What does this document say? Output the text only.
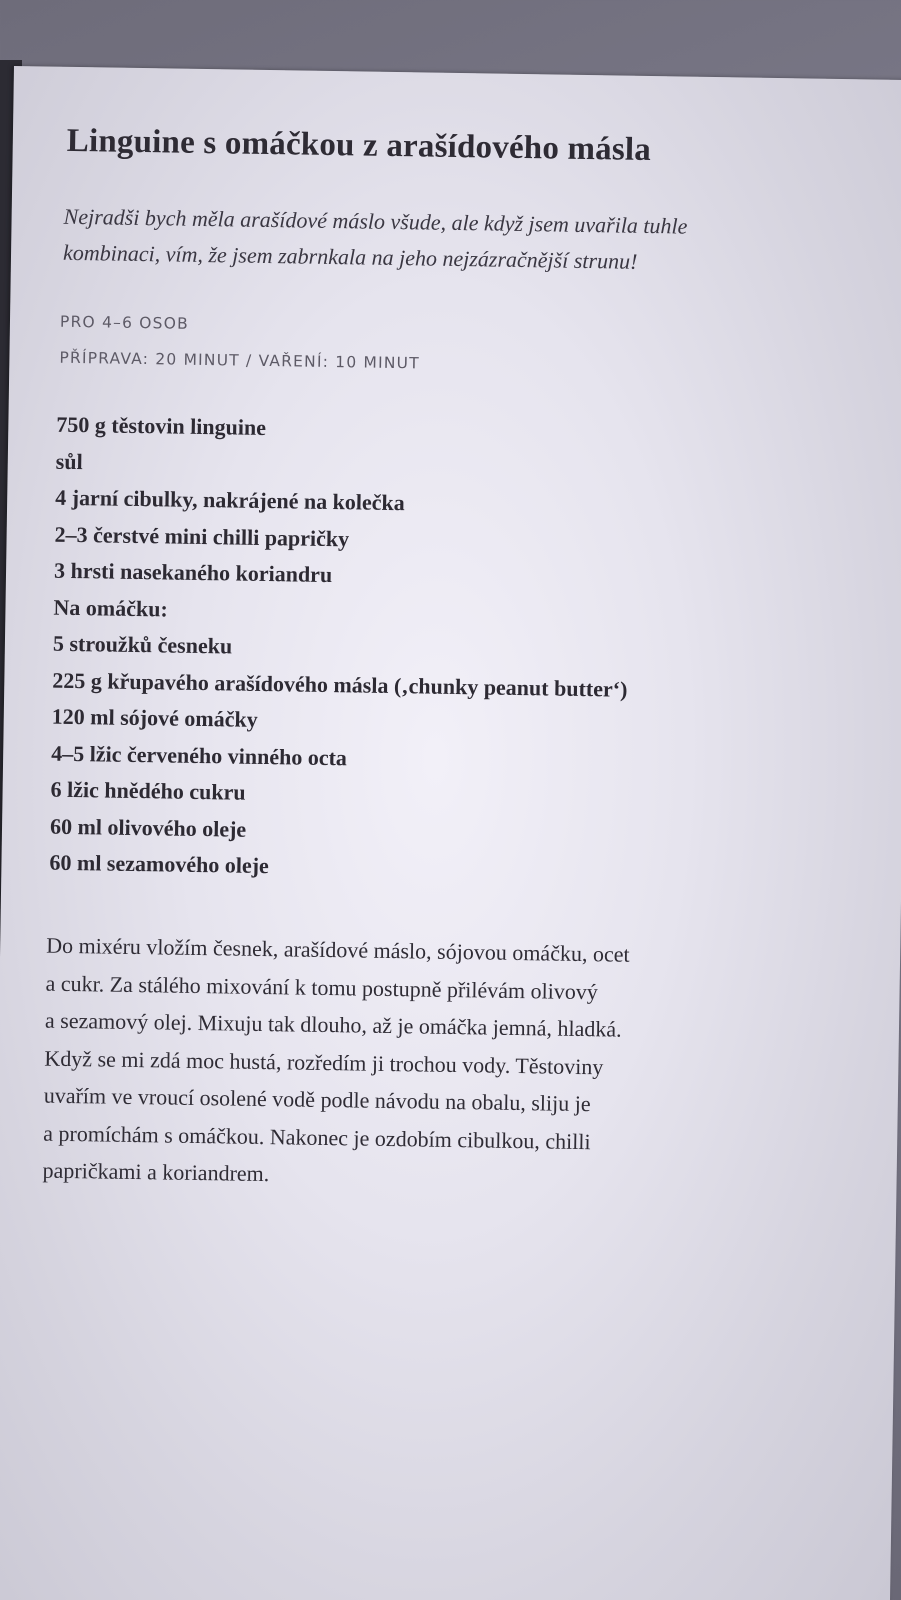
Linguine s omáčkou z arašídového másla

Nejradši bych měla arašídové máslo všude, ale když jsem uvařila tuhle
kombinaci, vím, že jsem zabrnkala na jeho nejzázračnější strunu!

PRO 4–6 OSOB

PŘÍPRAVA: 20 MINUT / VAŘENÍ: 10 MINUT

750 g těstovin linguine
sůl
4 jarní cibulky, nakrájené na kolečka
2–3 čerstvé mini chilli papričky
3 hrsti nasekaného koriandru
Na omáčku:
5 stroužků česneku
225 g křupavého arašídového másla (‚chunky peanut butter‘)
120 ml sójové omáčky
4–5 lžic červeného vinného octa
6 lžic hnědého cukru
60 ml olivového oleje
60 ml sezamového oleje

Do mixéru vložím česnek, arašídové máslo, sójovou omáčku, ocet
a cukr. Za stálého mixování k tomu postupně přilévám olivový
a sezamový olej. Mixuju tak dlouho, až je omáčka jemná, hladká.
Když se mi zdá moc hustá, rozředím ji trochou vody. Těstoviny
uvařím ve vroucí osolené vodě podle návodu na obalu, sliju je
a promíchám s omáčkou. Nakonec je ozdobím cibulkou, chilli
papričkami a koriandrem.
